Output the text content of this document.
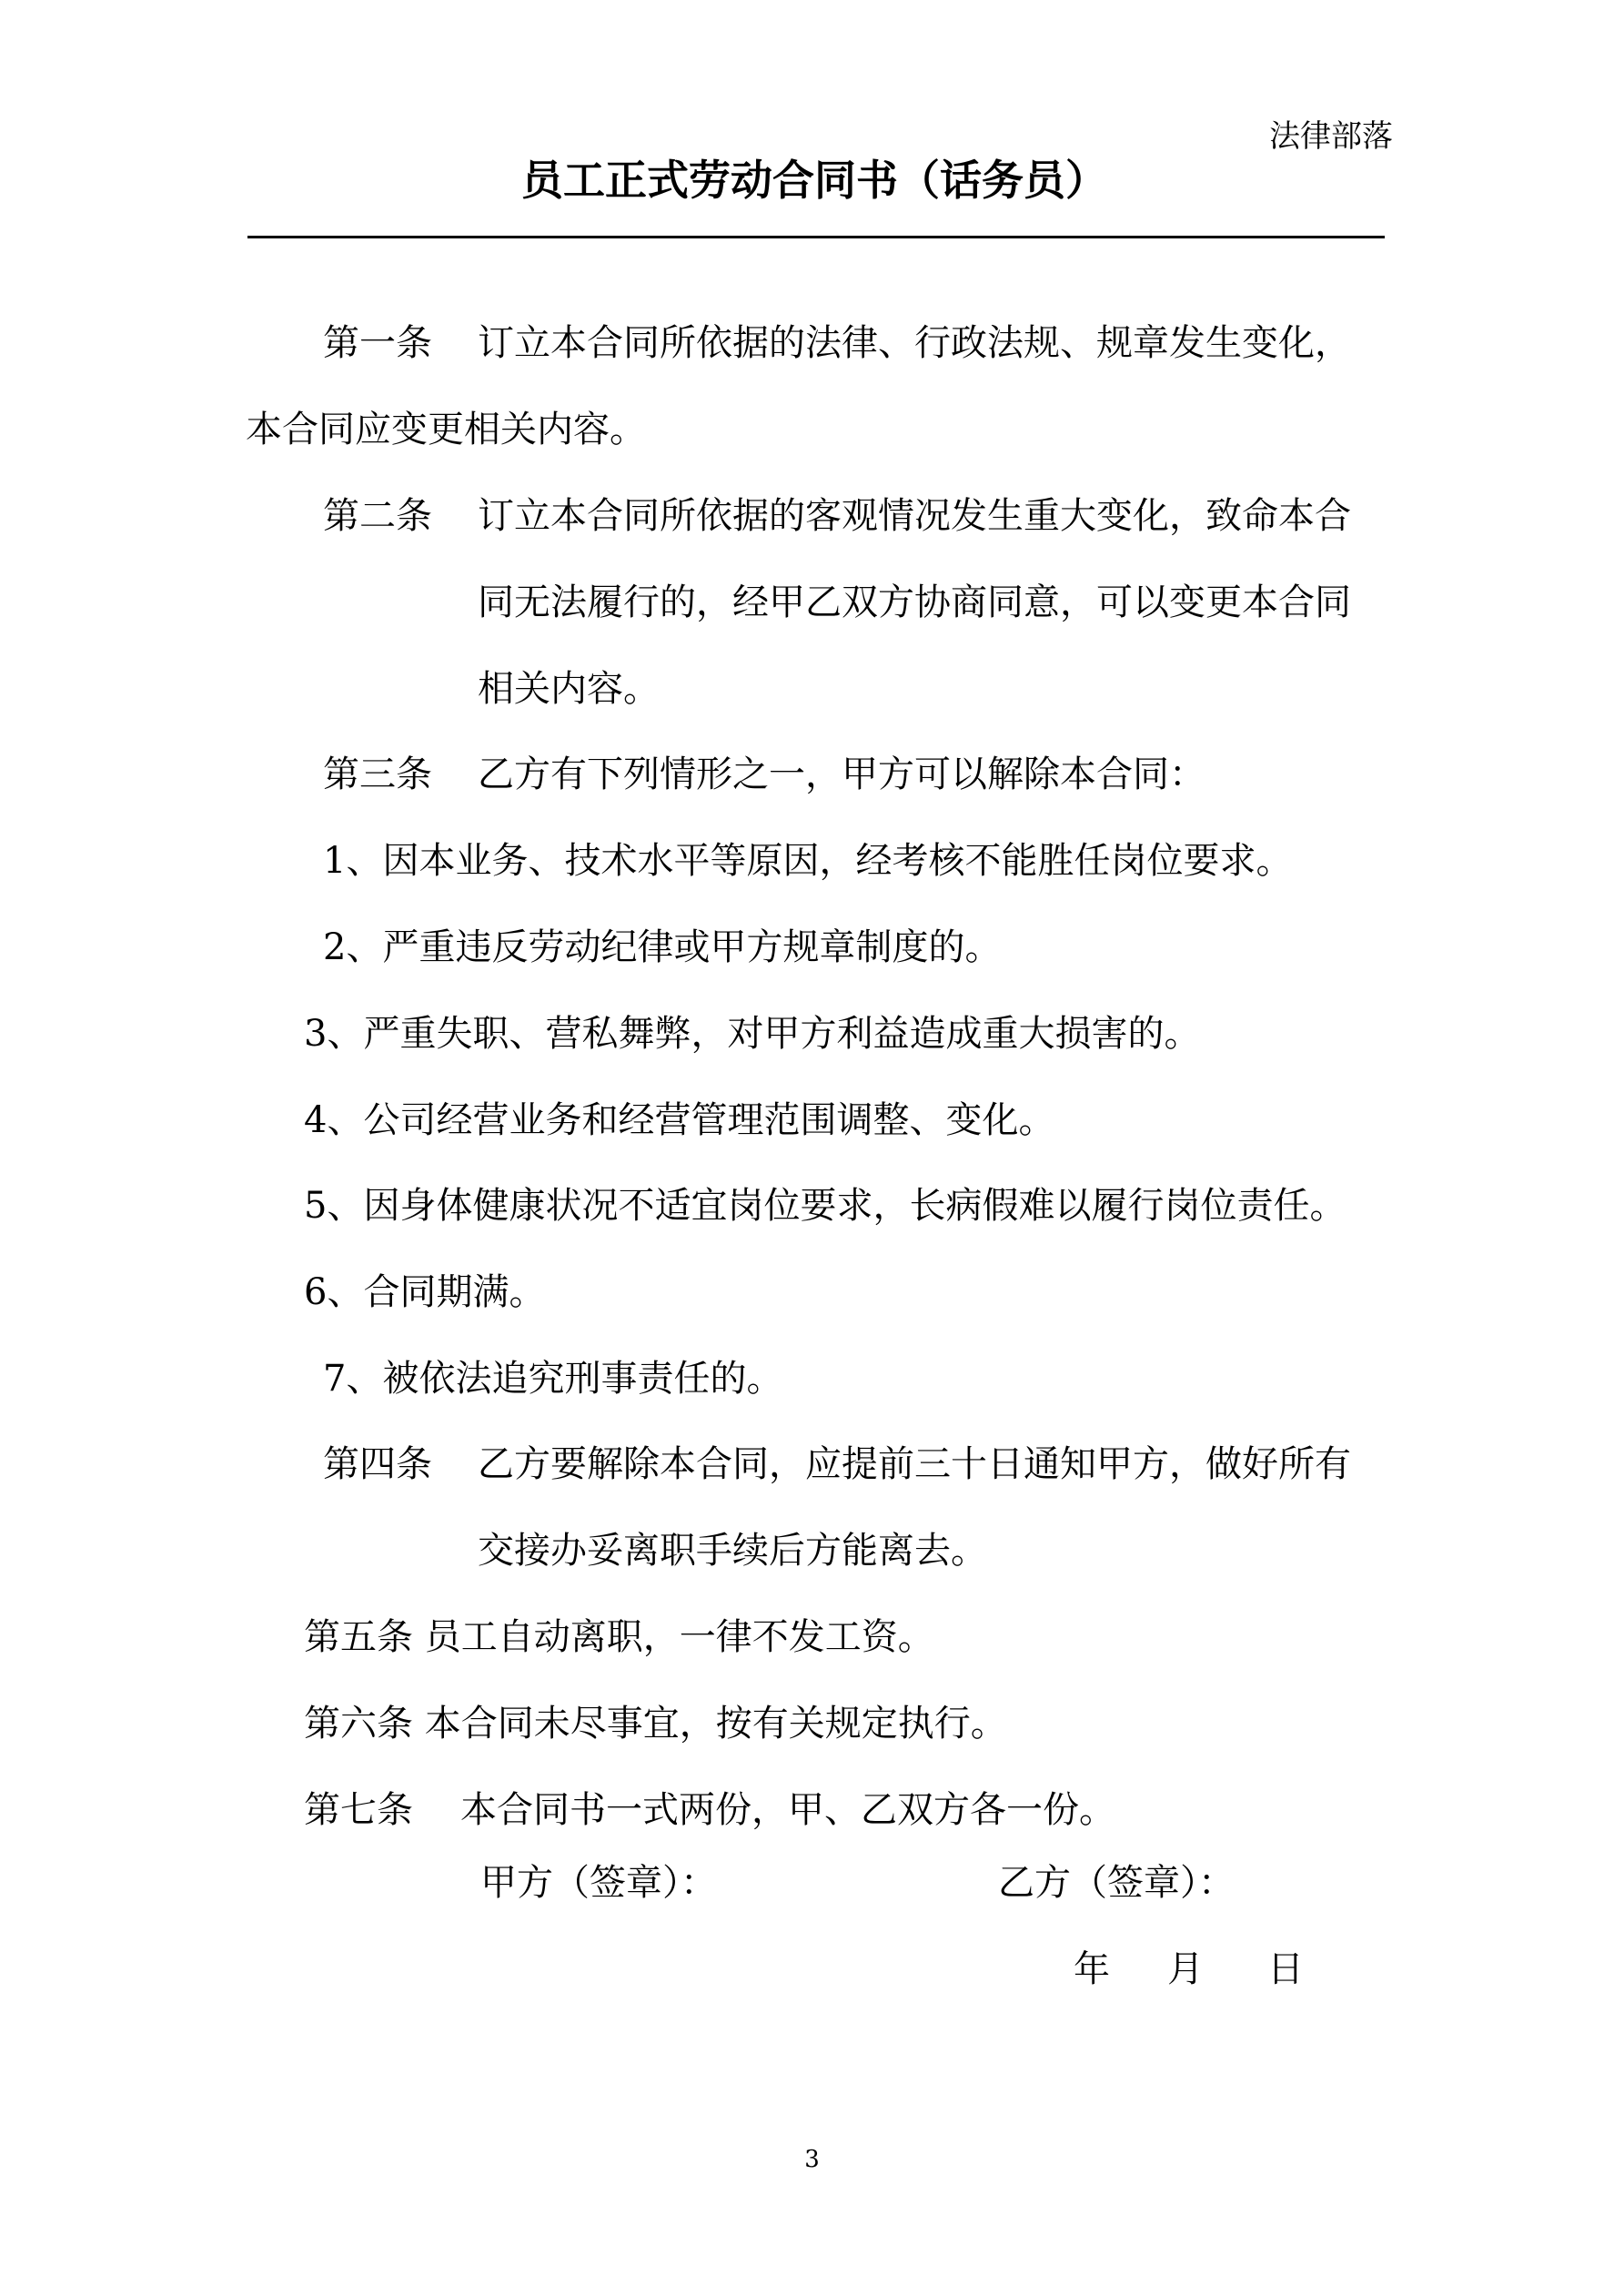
法律部落
员工正式劳动合同书（话务员）
第一条 订立本合同所依据的法律、行政法规、规章发生变化，
本合同应变更相关内容。
第二条 订立本合同所依据的客观情况发生重大变化，致命本合
同无法履行的，经甲乙双方协商同意，可以变更本合同
相关内容。
第三条 乙方有下列情形之一，甲方可以解除本合同：
1、因本业务、技术水平等原因，经考核不能胜任岗位要求。
2、严重违反劳动纪律或甲方规章制度的。
3、严重失职、营私舞弊，对甲方利益造成重大损害的。
4、公司经营业务和经营管理范围调整、变化。
5、因身体健康状况不适宜岗位要求，长病假难以履行岗位责任。
6、合同期满。
7、被依法追究刑事责任的。
第四条 乙方要解除本合同，应提前三十日通知甲方，做好所有
交接办妥离职手续后方能离去。
第五条 员工自动离职，一律不发工资。
第六条 本合同未尽事宜，按有关规定执行。
第七条 本合同书一式两份，甲、乙双方各一份。
甲方（签章）：	乙方（签章）：
年 月 日
3
